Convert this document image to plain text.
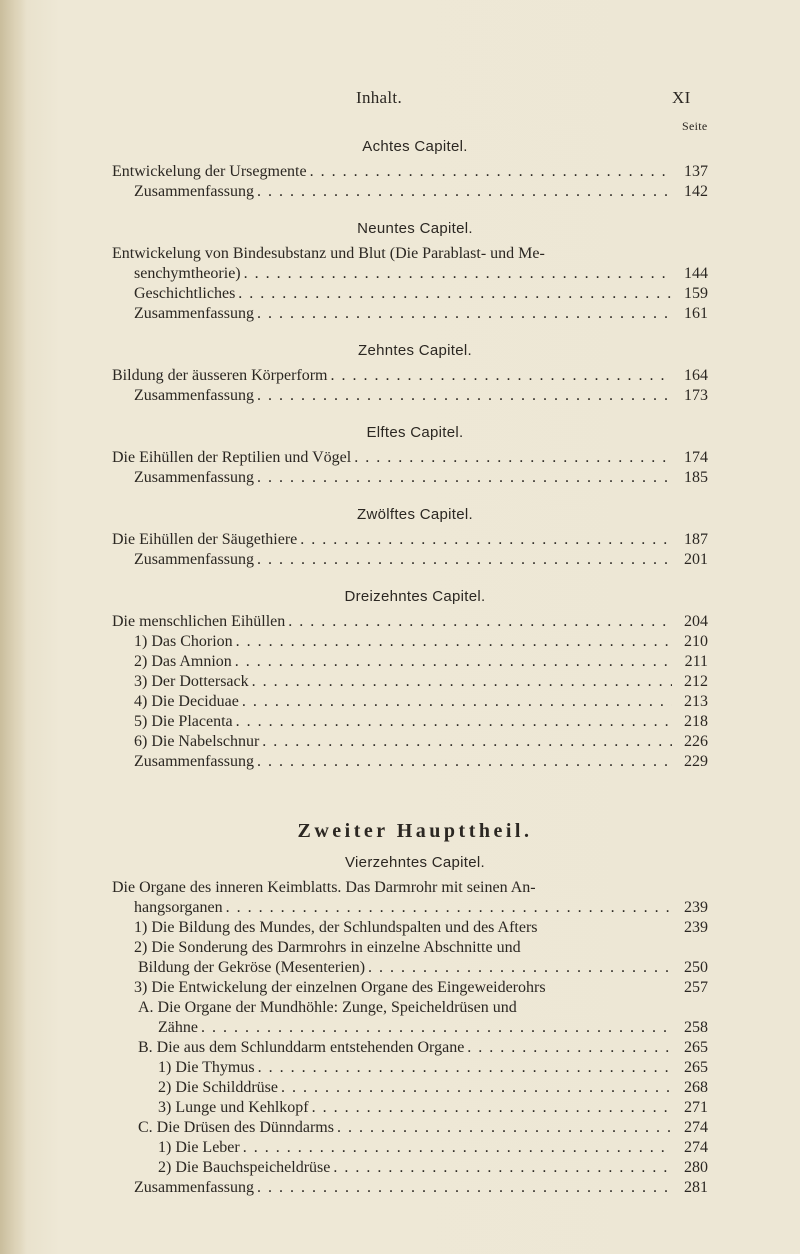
Inhalt.	XI
Seite
Achtes Capitel.
Entwickelung der Ursegmente . . .	137
Zusammenfassung . . .	142
Neuntes Capitel.
Entwickelung von Bindesubstanz und Blut (Die Parablast- und Me-
senchymtheorie) . . .	144
Geschichtliches . . .	159
Zusammenfassung . . .	161
Zehntes Capitel.
Bildung der äusseren Körperform . . .	164
Zusammenfassung . . .	173
Elftes Capitel.
Die Eihüllen der Reptilien und Vögel . . .	174
Zusammenfassung . . .	185
Zwölftes Capitel.
Die Eihüllen der Säugethiere . . .	187
Zusammenfassung . . .	201
Dreizehntes Capitel.
Die menschlichen Eihüllen . . .	204
1) Das Chorion . . .	210
2) Das Amnion . . .	211
3) Der Dottersack . . .	212
4) Die Deciduae . . .	213
5) Die Placenta . . .	218
6) Die Nabelschnur . . .	226
Zusammenfassung . . .	229
Zweiter Haupttheil.
Vierzehntes Capitel.
Die Organe des inneren Keimblatts. Das Darmrohr mit seinen An-
hangsorganen . . .	239
1) Die Bildung des Mundes, der Schlundspalten und des Afters	239
2) Die Sonderung des Darmrohrs in einzelne Abschnitte und
Bildung der Gekröse (Mesenterien) . . .	250
3) Die Entwickelung der einzelnen Organe des Eingeweiderohrs	257
A. Die Organe der Mundhöhle: Zunge, Speicheldrüsen und
Zähne . . .	258
B. Die aus dem Schlunddarm entstehenden Organe . . .	265
1) Die Thymus . . .	265
2) Die Schilddrüse . . .	268
3) Lunge und Kehlkopf . . .	271
C. Die Drüsen des Dünndarms . . .	274
1) Die Leber . . .	274
2) Die Bauchspeicheldrüse . . .	280
Zusammenfassung . . .	281
